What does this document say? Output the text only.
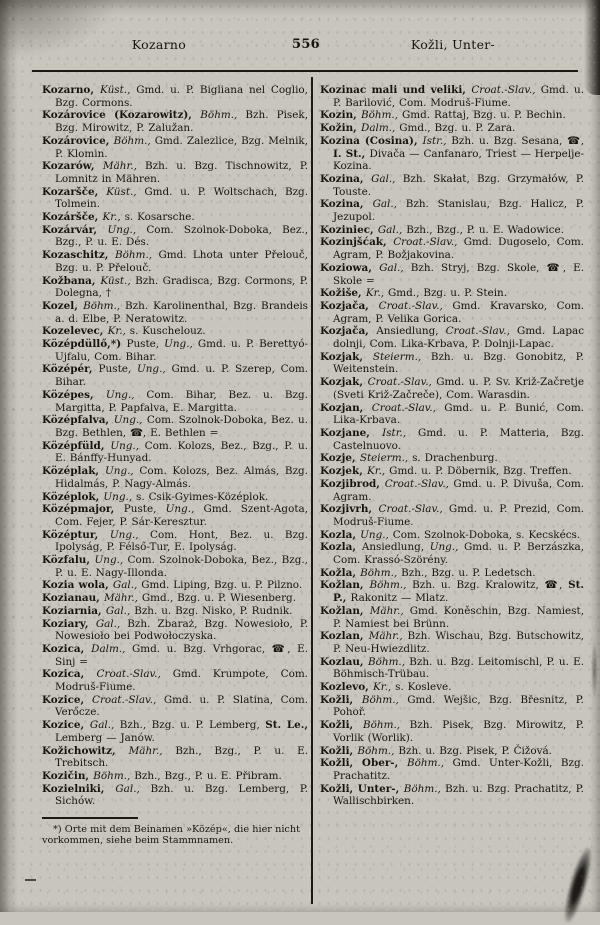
Kozarno	556	Kožli, Unter-
Kozarno, Küst., Gmd. u. P. Bigliana nel Coglio, Bzg. Cormons.
Kozárovice (Kozarowitz), Böhm., Bzh. Pisek, Bzg. Mirowitz, P. Zalužan.
Kozárovice, Böhm., Gmd. Zalezlice, Bzg. Melnik, P. Klomin.
Kozarów, Mähr., Bzh. u. Bzg. Tischnowitz, P. Lomnitz in Mähren.
Kozaršče, Küst., Gmd. u. P. Woltschach, Bzg. Tolmein.
Kozáršče, Kr., s. Kosarsche.
Kozárvár, Ung., Com. Szolnok-Doboka, Bez., Bzg., P. u. E. Dés.
Kozaschitz, Böhm., Gmd. Lhota unter Přelouč, Bzg. u. P. Přelouč.
Kožbana, Küst., Bzh. Gradisca, Bzg. Cormons, P. Dolegna, †
Kozel, Böhm., Bzh. Karolinenthal, Bzg. Brandeis a. d. Elbe, P. Neratowitz.
Kozelevec, Kr., s. Kuschelouz.
Középdüllő,*) Puste, Ung., Gmd. u. P. Berettyó-Ujfalu, Com. Bihar.
Középér, Puste, Ung., Gmd. u. P. Szerep, Com. Bihar.
Középes, Ung., Com. Bihar, Bez. u. Bzg. Margitta, P. Papfalva, E. Margitta.
Középfalva, Ung., Com. Szolnok-Doboka, Bez. u. Bzg. Bethlen, ☎, E. Bethlen =
Középfüld, Ung., Com. Kolozs, Bez., Bzg., P. u. E. Bánffy-Hunyad.
Középlak, Ung., Com. Kolozs, Bez. Almás, Bzg. Hidalmás, P. Nagy-Almás.
Középlok, Ung., s. Csik-Gyimes-Középlok.
Középmajor, Puste, Ung., Gmd. Szent-Agota, Com. Fejer, P. Sár-Keresztur.
Középtur, Ung., Com. Hont, Bez. u. Bzg. Ipolyság, P. Félső-Tur, E. Ipolyság.
Közfalu, Ung., Com. Szolnok-Doboka, Bez., Bzg., P. u. E. Nagy-Illonda.
Kozia wola, Gal., Gmd. Liping, Bzg. u. P. Pilzno.
Kozianau, Mähr., Gmd., Bzg. u. P. Wiesenberg.
Koziarnia, Gal., Bzh. u. Bzg. Nisko, P. Rudnik.
Koziary, Gal., Bzh. Zbaraż, Bzg. Nowesioło, P. Nowesioło bei Podwołoczyska.
Kozica, Dalm., Gmd. u. Bzg. Vrhgorac, ☎, E. Sinj =
Kozica, Croat.-Slav., Gmd. Krumpote, Com. Modruš-Fiume.
Kozice, Croat.-Slav., Gmd. u. P. Slatina, Com. Verőcze.
Kozice, Gal., Bzh., Bzg. u. P. Lemberg, St. Le., Lemberg — Janów.
Kožichowitz, Mähr., Bzh., Bzg., P. u. E. Trebitsch.
Kozičin, Böhm., Bzh., Bzg., P. u. E. Přibram.
Kozielniki, Gal., Bzh. u. Bzg. Lemberg, P. Sichów.

*) Orte mit dem Beinamen »Közép«, die hier nicht vorkommen, siehe beim Stammnamen.

Kozinac mali und veliki, Croat.-Slav., Gmd. u. P. Barilović, Com. Modruš-Fiume.
Kozin, Böhm., Gmd. Rattaj, Bzg. u. P. Bechin.
Kožin, Dalm., Gmd., Bzg. u. P. Zara.
Kozina (Cosina), Istr., Bzh. u. Bzg. Sesana, ☎, I. St., Divača — Canfanaro, Triest — Herpelje-Kozina.
Kozina, Gal., Bzh. Skałat, Bzg. Grzymałów, P. Touste.
Kozina, Gal., Bzh. Stanislau, Bzg. Halicz, P. Jezupol.
Koziniec, Gal., Bzh., Bzg., P. u. E. Wadowice.
Kozinjšćak, Croat.-Slav., Gmd. Dugoselo, Com. Agram, P. Božjakovina.
Koziowa, Gal., Bzh. Stryj, Bzg. Skole, ☎, E. Skole =
Kožiše, Kr., Gmd., Bzg. u. P. Stein.
Kozjača, Croat.-Slav., Gmd. Kravarsko, Com. Agram, P. Velika Gorica.
Kozjača, Ansiedlung, Croat.-Slav., Gmd. Lapac dolnji, Com. Lika-Krbava, P. Dolnji-Lapac.
Kozjak, Steierm., Bzh. u. Bzg. Gonobitz, P. Weitenstein.
Kozjak, Croat.-Slav., Gmd. u. P. Sv. Križ-Začretje (Sveti Križ-Začreče), Com. Warasdin.
Kozjan, Croat.-Slav., Gmd. u. P. Bunić, Com. Lika-Krbava.
Kozjane, Istr., Gmd. u. P. Matteria, Bzg. Castelnuovo.
Kozje, Steierm., s. Drachenburg.
Kozjek, Kr., Gmd. u. P. Döbernik, Bzg. Treffen.
Kozjibrod, Croat.-Slav., Gmd. u. P. Divuša, Com. Agram.
Kozjivrh, Croat.-Slav., Gmd. u. P. Prezid, Com. Modruš-Fiume.
Kozla, Ung., Com. Szolnok-Doboka, s. Kecskécs.
Kozla, Ansiedlung, Ung., Gmd. u. P. Berzászka, Com. Krassó-Szörény.
Kožla, Böhm., Bzh., Bzg. u. P. Ledetsch.
Kožlan, Böhm., Bzh. u. Bzg. Kralowitz, ☎, St. P., Rakonitz — Mlatz.
Kožlan, Mähr., Gmd. Koněschin, Bzg. Namiest, P. Namiest bei Brünn.
Kozlan, Mähr., Bzh. Wischau, Bzg. Butschowitz, P. Neu-Hwiezdlitz.
Kozlau, Böhm., Bzh. u. Bzg. Leitomischl, P. u. E. Böhmisch-Trübau.
Kozlevo, Kr., s. Kosleve.
Kožli, Böhm., Gmd. Wejšic, Bzg. Břesnitz, P. Pohoř.
Kožli, Böhm., Bzh. Pisek, Bzg. Mirowitz, P. Vorlik (Worlik).
Kožli, Böhm., Bzh. u. Bzg. Pisek, P. Čižová.
Kožli, Ober-, Böhm., Gmd. Unter-Kožli, Bzg. Prachatitz.
Kožli, Unter-, Böhm., Bzh. u. Bzg. Prachatitz, P. Wallischbirken.
